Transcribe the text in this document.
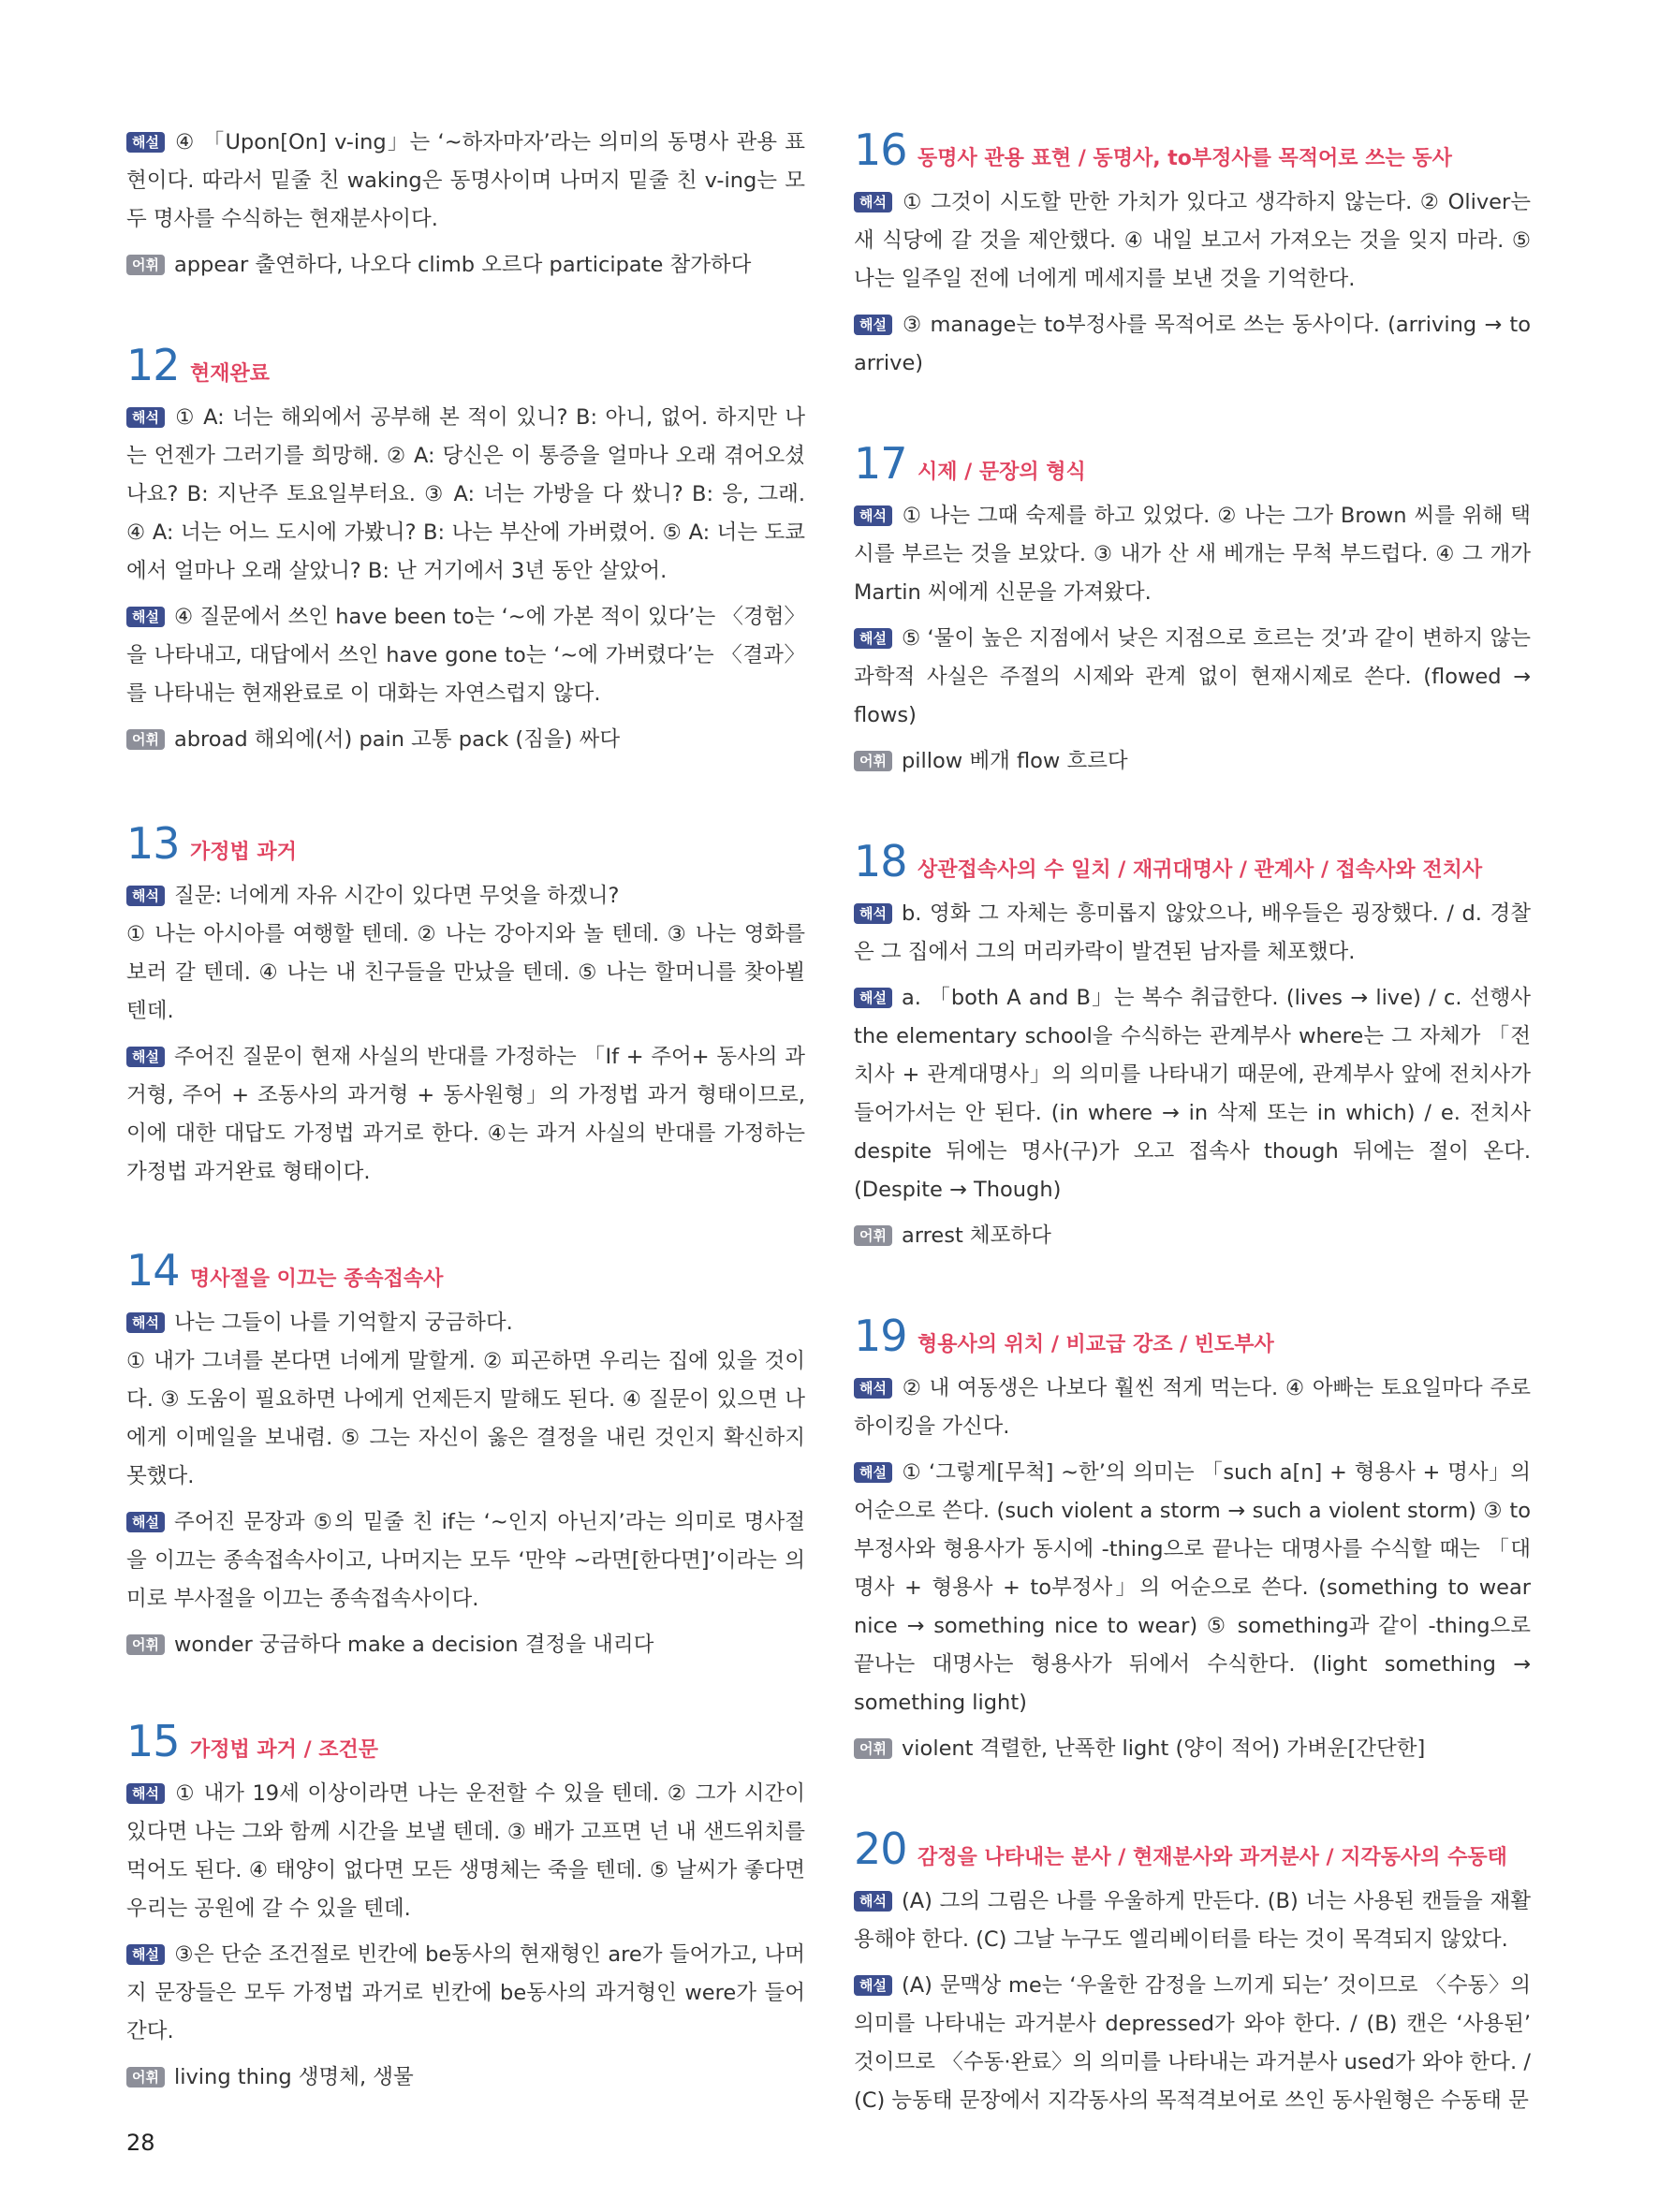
해설 ④ 「Upon[On] v-ing」는 ‘~하자마자’라는 의미의 동명사 관용 표현이다. 따라서 밑줄 친 waking은 동명사이며 나머지 밑줄 친 v-ing는 모두 명사를 수식하는 현재분사이다.

어휘 appear 출연하다, 나오다 climb 오르다 participate 참가하다

12 현재완료

해석 ① A: 너는 해외에서 공부해 본 적이 있니? B: 아니, 없어. 하지만 나는 언젠가 그러기를 희망해. ② A: 당신은 이 통증을 얼마나 오래 겪어오셨나요? B: 지난주 토요일부터요. ③ A: 너는 가방을 다 쌌니? B: 응, 그래. ④ A: 너는 어느 도시에 가봤니? B: 나는 부산에 가버렸어. ⑤ A: 너는 도쿄에서 얼마나 오래 살았니? B: 난 거기에서 3년 동안 살았어.

해설 ④ 질문에서 쓰인 have been to는 ‘~에 가본 적이 있다’는 〈경험〉을 나타내고, 대답에서 쓰인 have gone to는 ‘~에 가버렸다’는 〈결과〉를 나타내는 현재완료로 이 대화는 자연스럽지 않다.

어휘 abroad 해외에(서) pain 고통 pack (짐을) 싸다

13 가정법 과거

해석 질문: 너에게 자유 시간이 있다면 무엇을 하겠니?

① 나는 아시아를 여행할 텐데. ② 나는 강아지와 놀 텐데. ③ 나는 영화를 보러 갈 텐데. ④ 나는 내 친구들을 만났을 텐데. ⑤ 나는 할머니를 찾아뵐 텐데.

해설 주어진 질문이 현재 사실의 반대를 가정하는 「If + 주어+ 동사의 과거형, 주어 + 조동사의 과거형 + 동사원형」의 가정법 과거 형태이므로, 이에 대한 대답도 가정법 과거로 한다. ④는 과거 사실의 반대를 가정하는 가정법 과거완료 형태이다.

14 명사절을 이끄는 종속접속사

해석 나는 그들이 나를 기억할지 궁금하다.

① 내가 그녀를 본다면 너에게 말할게. ② 피곤하면 우리는 집에 있을 것이다. ③ 도움이 필요하면 나에게 언제든지 말해도 된다. ④ 질문이 있으면 나에게 이메일을 보내렴. ⑤ 그는 자신이 옳은 결정을 내린 것인지 확신하지 못했다.

해설 주어진 문장과 ⑤의 밑줄 친 if는 ‘~인지 아닌지’라는 의미로 명사절을 이끄는 종속접속사이고, 나머지는 모두 ‘만약 ~라면[한다면]’이라는 의미로 부사절을 이끄는 종속접속사이다.

어휘 wonder 궁금하다 make a decision 결정을 내리다

15 가정법 과거 / 조건문

해석 ① 내가 19세 이상이라면 나는 운전할 수 있을 텐데. ② 그가 시간이 있다면 나는 그와 함께 시간을 보낼 텐데. ③ 배가 고프면 넌 내 샌드위치를 먹어도 된다. ④ 태양이 없다면 모든 생명체는 죽을 텐데. ⑤ 날씨가 좋다면 우리는 공원에 갈 수 있을 텐데.

해설 ③은 단순 조건절로 빈칸에 be동사의 현재형인 are가 들어가고, 나머지 문장들은 모두 가정법 과거로 빈칸에 be동사의 과거형인 were가 들어간다.

어휘 living thing 생명체, 생물

16 동명사 관용 표현 / 동명사, to부정사를 목적어로 쓰는 동사

해석 ① 그것이 시도할 만한 가치가 있다고 생각하지 않는다. ② Oliver는 새 식당에 갈 것을 제안했다. ④ 내일 보고서 가져오는 것을 잊지 마라. ⑤ 나는 일주일 전에 너에게 메세지를 보낸 것을 기억한다.

해설 ③ manage는 to부정사를 목적어로 쓰는 동사이다. (arriving → to arrive)

17 시제 / 문장의 형식

해석 ① 나는 그때 숙제를 하고 있었다. ② 나는 그가 Brown 씨를 위해 택시를 부르는 것을 보았다. ③ 내가 산 새 베개는 무척 부드럽다. ④ 그 개가 Martin 씨에게 신문을 가져왔다.

해설 ⑤ ‘물이 높은 지점에서 낮은 지점으로 흐르는 것’과 같이 변하지 않는 과학적 사실은 주절의 시제와 관계 없이 현재시제로 쓴다. (flowed → flows)

어휘 pillow 베개 flow 흐르다

18 상관접속사의 수 일치 / 재귀대명사 / 관계사 / 접속사와 전치사

해석 b. 영화 그 자체는 흥미롭지 않았으나, 배우들은 굉장했다. / d. 경찰은 그 집에서 그의 머리카락이 발견된 남자를 체포했다.

해설 a. 「both A and B」는 복수 취급한다. (lives → live) / c. 선행사 the elementary school을 수식하는 관계부사 where는 그 자체가 「전치사 + 관계대명사」의 의미를 나타내기 때문에, 관계부사 앞에 전치사가 들어가서는 안 된다. (in where → in 삭제 또는 in which) / e. 전치사 despite 뒤에는 명사(구)가 오고 접속사 though 뒤에는 절이 온다. (Despite → Though)

어휘 arrest 체포하다

19 형용사의 위치 / 비교급 강조 / 빈도부사

해석 ② 내 여동생은 나보다 훨씬 적게 먹는다. ④ 아빠는 토요일마다 주로 하이킹을 가신다.

해설 ① ‘그렇게[무척] ~한’의 의미는 「such a[n] + 형용사 + 명사」의 어순으로 쓴다. (such violent a storm → such a violent storm) ③ to부정사와 형용사가 동시에 -thing으로 끝나는 대명사를 수식할 때는 「대명사 + 형용사 + to부정사」의 어순으로 쓴다. (something to wear nice → something nice to wear) ⑤ something과 같이 -thing으로 끝나는 대명사는 형용사가 뒤에서 수식한다. (light something → something light)

어휘 violent 격렬한, 난폭한 light (양이 적어) 가벼운[간단한]

20 감정을 나타내는 분사 / 현재분사와 과거분사 / 지각동사의 수동태

해석 (A) 그의 그림은 나를 우울하게 만든다. (B) 너는 사용된 캔들을 재활용해야 한다. (C) 그날 누구도 엘리베이터를 타는 것이 목격되지 않았다.

해설 (A) 문맥상 me는 ‘우울한 감정을 느끼게 되는’ 것이므로 〈수동〉의 의미를 나타내는 과거분사 depressed가 와야 한다. / (B) 캔은 ‘사용된’ 것이므로 〈수동·완료〉의 의미를 나타내는 과거분사 used가 와야 한다. / (C) 능동태 문장에서 지각동사의 목적격보어로 쓰인 동사원형은 수동태 문

28
